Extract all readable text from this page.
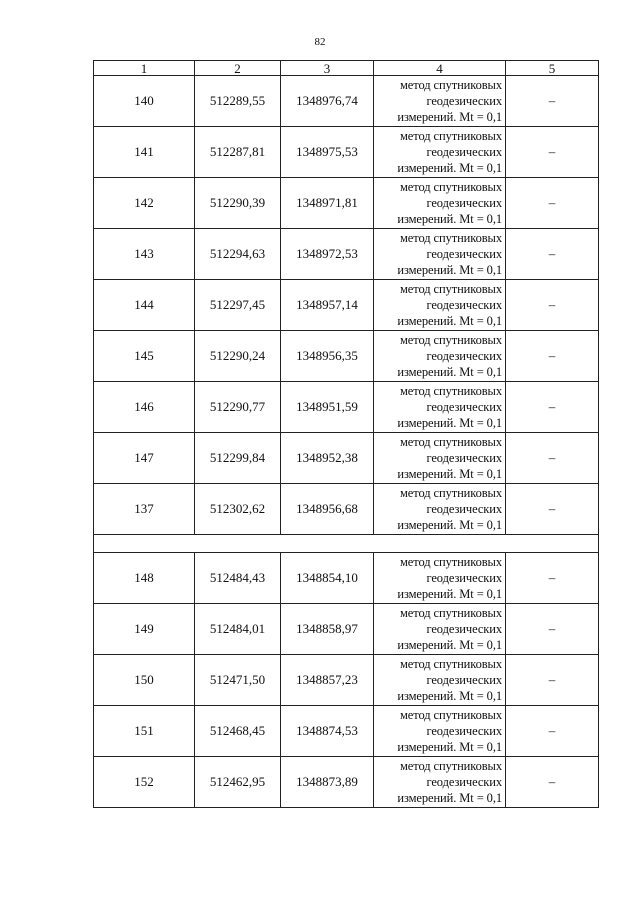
82
1	2	3	4	5
140	512289,55	1348976,74	метод спутниковых
геодезических
измерений. Mt = 0,1	–
141	512287,81	1348975,53	метод спутниковых
геодезических
измерений. Mt = 0,1	–
142	512290,39	1348971,81	метод спутниковых
геодезических
измерений. Mt = 0,1	–
143	512294,63	1348972,53	метод спутниковых
геодезических
измерений. Mt = 0,1	–
144	512297,45	1348957,14	метод спутниковых
геодезических
измерений. Mt = 0,1	–
145	512290,24	1348956,35	метод спутниковых
геодезических
измерений. Mt = 0,1	–
146	512290,77	1348951,59	метод спутниковых
геодезических
измерений. Mt = 0,1	–
147	512299,84	1348952,38	метод спутниковых
геодезических
измерений. Mt = 0,1	–
137	512302,62	1348956,68	метод спутниковых
геодезических
измерений. Mt = 0,1	–

148	512484,43	1348854,10	метод спутниковых
геодезических
измерений. Mt = 0,1	–
149	512484,01	1348858,97	метод спутниковых
геодезических
измерений. Mt = 0,1	–
150	512471,50	1348857,23	метод спутниковых
геодезических
измерений. Mt = 0,1	–
151	512468,45	1348874,53	метод спутниковых
геодезических
измерений. Mt = 0,1	–
152	512462,95	1348873,89	метод спутниковых
геодезических
измерений. Mt = 0,1	–
